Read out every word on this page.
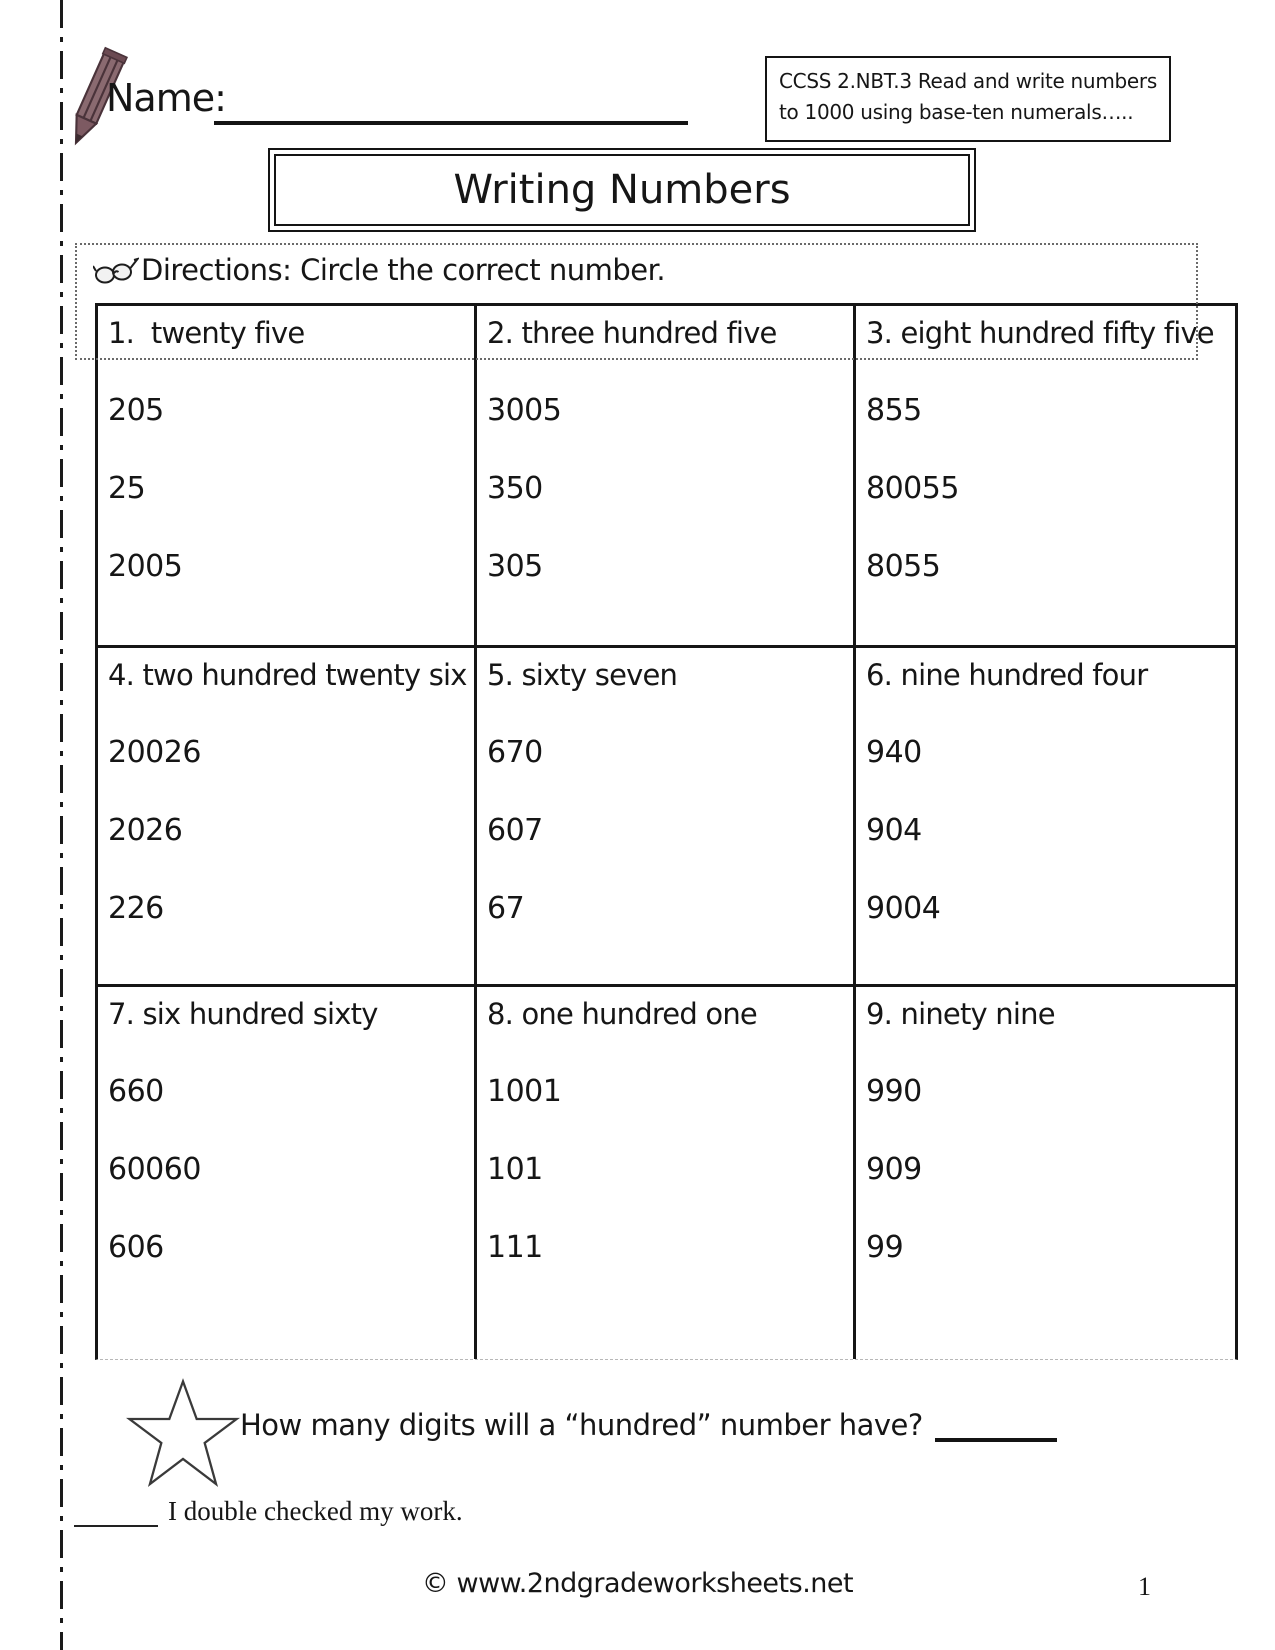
Name:	CCSS 2.NBT.3 Read and write numbers
to 1000 using base-ten numerals…..
Writing Numbers
1.  twenty five
205
25
2005
2. three hundred five
3005
350
305
3. eight hundred fifty five
855
80055
8055
4. two hundred twenty six
20026
2026
226
5. sixty seven
670
607
67
6. nine hundred four
940
904
9004
7. six hundred sixty
660
60060
606
8. one hundred one
1001
101
111
9. ninety nine
990
909
99
Directions: Circle the correct number.
How many digits will a “hundred” number have?
I double checked my work.
© www.2ndgradeworksheets.net	1
